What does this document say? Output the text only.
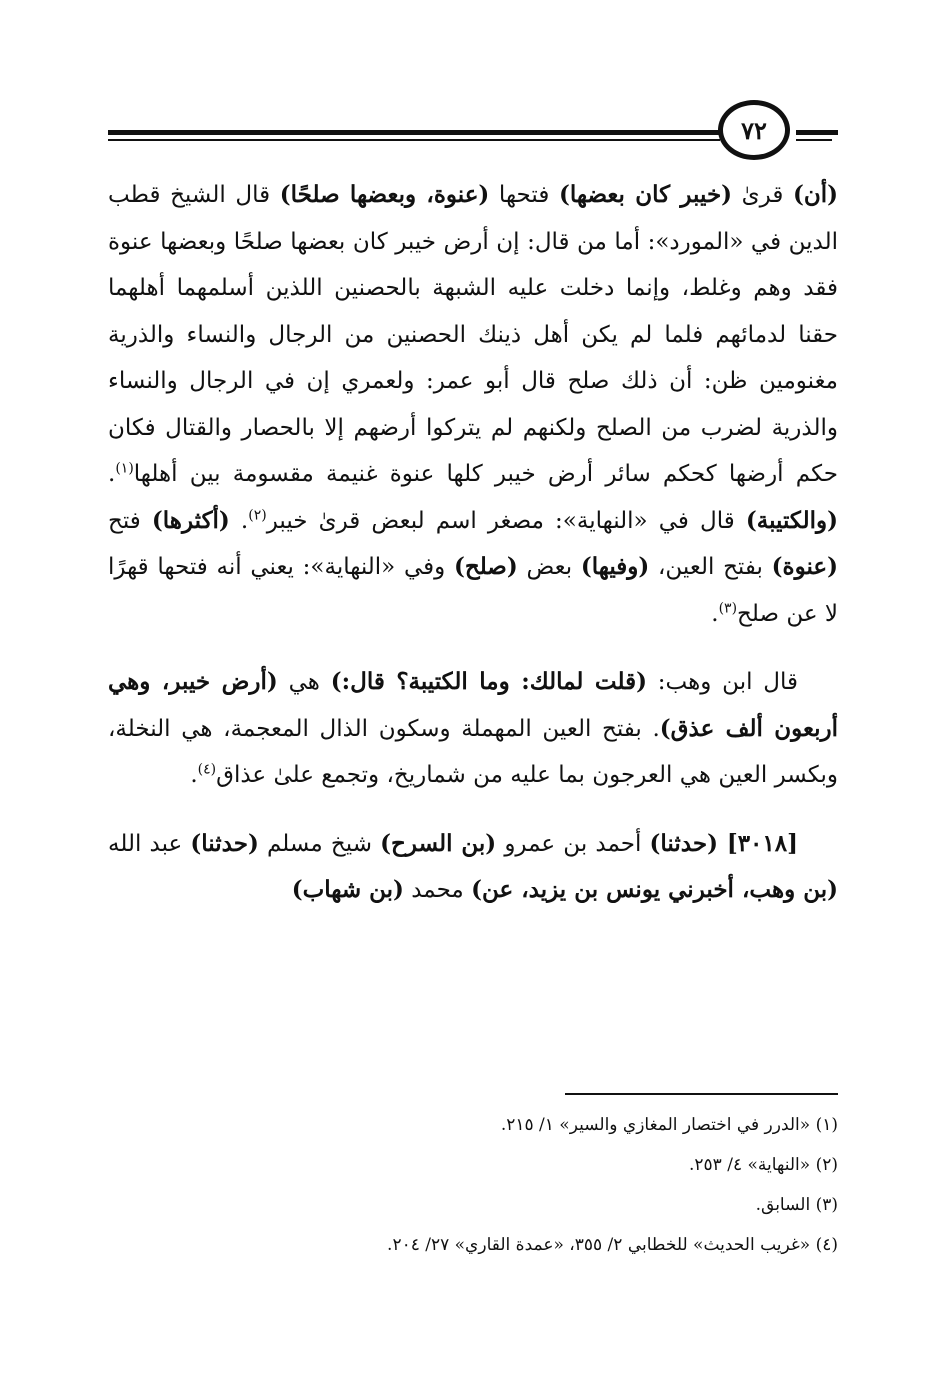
٧٢

(أن) قرىٰ (خيبر كان بعضها) فتحها (عنوة، وبعضها صلحًا) قال الشيخ قطب الدين في «المورد»: أما من قال: إن أرض خيبر كان بعضها صلحًا وبعضها عنوة فقد وهم وغلط، وإنما دخلت عليه الشبهة بالحصنين اللذين أسلمهما أهلهما حقنا لدمائهم فلما لم يكن أهل ذينك الحصنين من الرجال والنساء والذرية مغنومين ظن: أن ذلك صلح قال أبو عمر: ولعمري إن في الرجال والنساء والذرية لضرب من الصلح ولكنهم لم يتركوا أرضهم إلا بالحصار والقتال فكان حكم أرضها كحكم سائر أرض خيبر كلها عنوة غنيمة مقسومة بين أهلها$^{(١)}$. (والكتيبة) قال في «النهاية»: مصغر اسم لبعض قرىٰ خيبر$^{(٢)}$. (أكثرها) فتح (عنوة) بفتح العين، (وفيها) بعض (صلح) وفي «النهاية»: يعني أنه فتحها قهرًا لا عن صلح$^{(٣)}$.

قال ابن وهب: (قلت لمالك: وما الكتيبة؟ قال:) هي (أرض خيبر، وهي أربعون ألف عذق). بفتح العين المهملة وسكون الذال المعجمة، هي النخلة، وبكسر العين هي العرجون بما عليه من شماريخ، وتجمع علىٰ عذاق$^{(٤)}$.

[٣٠١٨] (حدثنا) أحمد بن عمرو (بن السرح) شيخ مسلم (حدثنا) عبد الله (بن وهب، أخبرني يونس بن يزيد، عن) محمد (بن شهاب)

(١) «الدرر في اختصار المغازي والسير» ١/ ٢١٥.
(٢) «النهاية» ٤/ ٢٥٣.
(٣) السابق.
(٤) «غريب الحديث» للخطابي ٢/ ٣٥٥، «عمدة القاري» ٢٧/ ٢٠٤.
